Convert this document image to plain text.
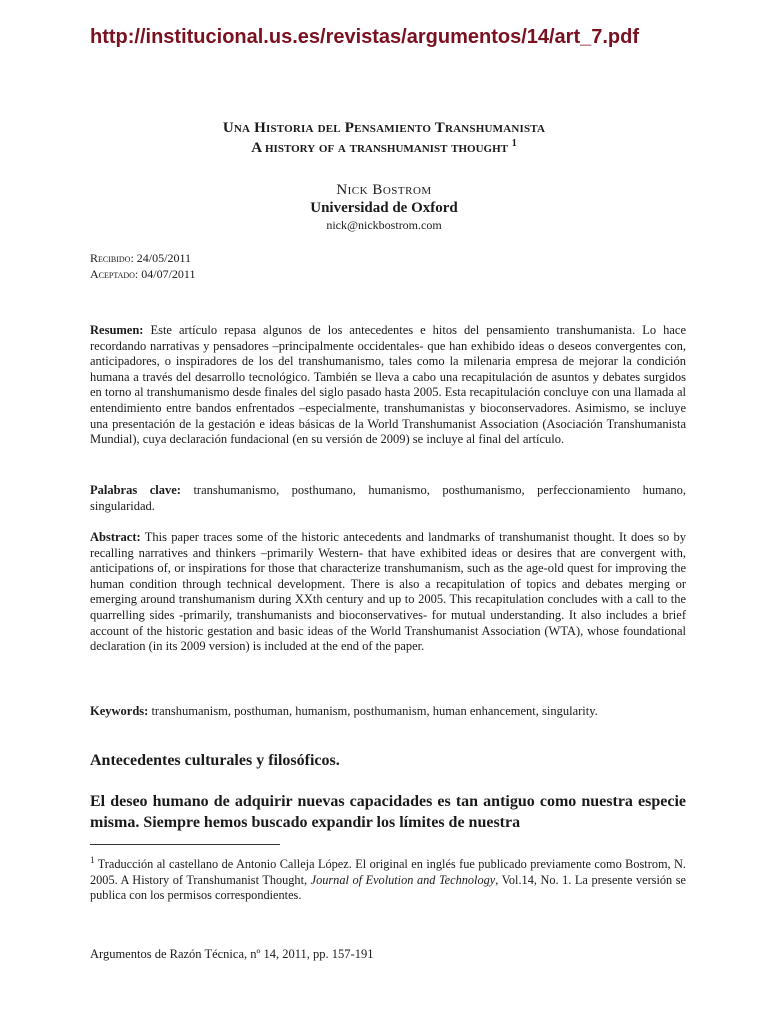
http://institucional.us.es/revistas/argumentos/14/art_7.pdf
Una Historia del Pensamiento Transhumanista
A history of a transhumanist thought $^1$
Nick Bostrom
Universidad de Oxford
nick@nickbostrom.com
Recibido: 24/05/2011
Aceptado: 04/07/2011
Resumen: Este artículo repasa algunos de los antecedentes e hitos del pensamiento transhumanista. Lo hace recordando narrativas y pensadores –principalmente occidentales- que han exhibido ideas o deseos convergentes con, anticipadores, o inspiradores de los del transhumanismo, tales como la milenaria empresa de mejorar la condición humana a través del desarrollo tecnológico. También se lleva a cabo una recapitulación de asuntos y debates surgidos en torno al transhumanismo desde finales del siglo pasado hasta 2005. Esta recapitulación concluye con una llamada al entendimiento entre bandos enfrentados –especialmente, transhumanistas y bioconservadores. Asimismo, se incluye una presentación de la gestación e ideas básicas de la World Transhumanist Association (Asociación Transhumanista Mundial), cuya declaración fundacional (en su versión de 2009) se incluye al final del artículo.
Palabras clave: transhumanismo, posthumano, humanismo, posthumanismo, perfeccionamiento humano, singularidad.
Abstract: This paper traces some of the historic antecedents and landmarks of transhumanist thought. It does so by recalling narratives and thinkers –primarily Western- that have exhibited ideas or desires that are convergent with, anticipations of, or inspirations for those that characterize transhumanism, such as the age-old quest for improving the human condition through technical development. There is also a recapitulation of topics and debates merging or emerging around transhumanism during XXth century and up to 2005. This recapitulation concludes with a call to the quarrelling sides -primarily, transhumanists and bioconservatives- for mutual understanding. It also includes a brief account of the historic gestation and basic ideas of the World Transhumanist Association (WTA), whose foundational declaration (in its 2009 version) is included at the end of the paper.
Keywords: transhumanism, posthuman, humanism, posthumanism, human enhancement, singularity.
Antecedentes culturales y filosóficos.
El deseo humano de adquirir nuevas capacidades es tan antiguo como nuestra especie misma. Siempre hemos buscado expandir los límites de nuestra
$^1$ Traducción al castellano de Antonio Calleja López. El original en inglés fue publicado previamente como Bostrom, N. 2005. A History of Transhumanist Thought, Journal of Evolution and Technology, Vol.14, No. 1. La presente versión se publica con los permisos correspondientes.
Argumentos de Razón Técnica, nº 14, 2011, pp. 157-191
